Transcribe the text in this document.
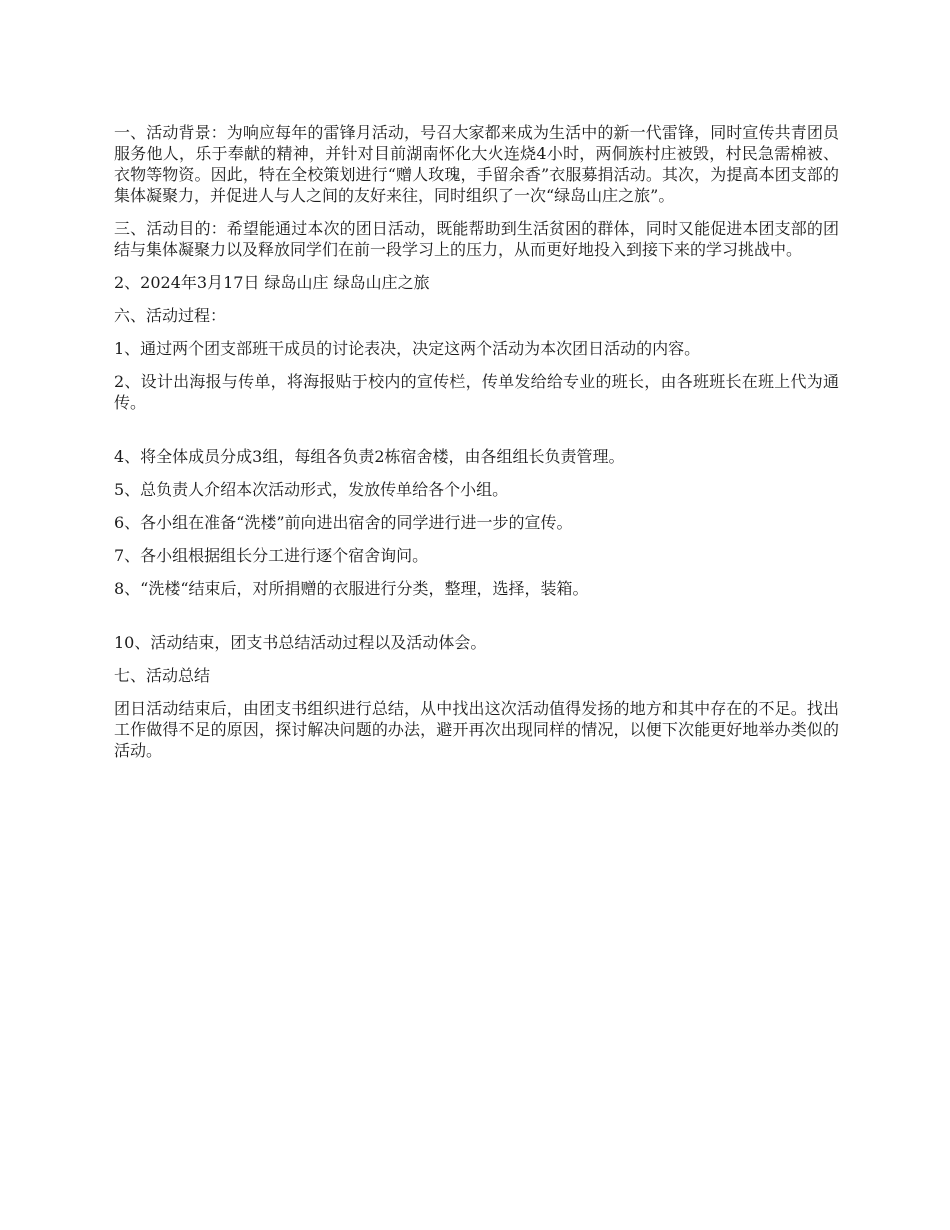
一、活动背景：为响应每年的雷锋月活动，号召大家都来成为生活中的新一代雷锋，同时宣传共青团员服务他人，乐于奉献的精神，并针对目前湖南怀化大火连烧4小时，两侗族村庄被毁，村民急需棉被、衣物等物资。因此，特在全校策划进行“赠人玫瑰，手留余香”衣服募捐活动。其次，为提高本团支部的集体凝聚力，并促进人与人之间的友好来往，同时组织了一次“绿岛山庄之旅”。

三、活动目的：希望能通过本次的团日活动，既能帮助到生活贫困的群体，同时又能促进本团支部的团结与集体凝聚力以及释放同学们在前一段学习上的压力，从而更好地投入到接下来的学习挑战中。

2、2024年3月17日 绿岛山庄 绿岛山庄之旅

六、活动过程：

1、通过两个团支部班干成员的讨论表决，决定这两个活动为本次团日活动的内容。

2、设计出海报与传单，将海报贴于校内的宣传栏，传单发给给专业的班长，由各班班长在班上代为通传。

4、将全体成员分成3组，每组各负责2栋宿舍楼，由各组组长负责管理。

5、总负责人介绍本次活动形式，发放传单给各个小组。

6、各小组在准备“洗楼”前向进出宿舍的同学进行进一步的宣传。

7、各小组根据组长分工进行逐个宿舍询问。

8、“洗楼“结束后，对所捐赠的衣服进行分类，整理，选择，装箱。

10、活动结束，团支书总结活动过程以及活动体会。

七、活动总结

团日活动结束后，由团支书组织进行总结，从中找出这次活动值得发扬的地方和其中存在的不足。找出工作做得不足的原因，探讨解决问题的办法，避开再次出现同样的情况，以便下次能更好地举办类似的活动。
